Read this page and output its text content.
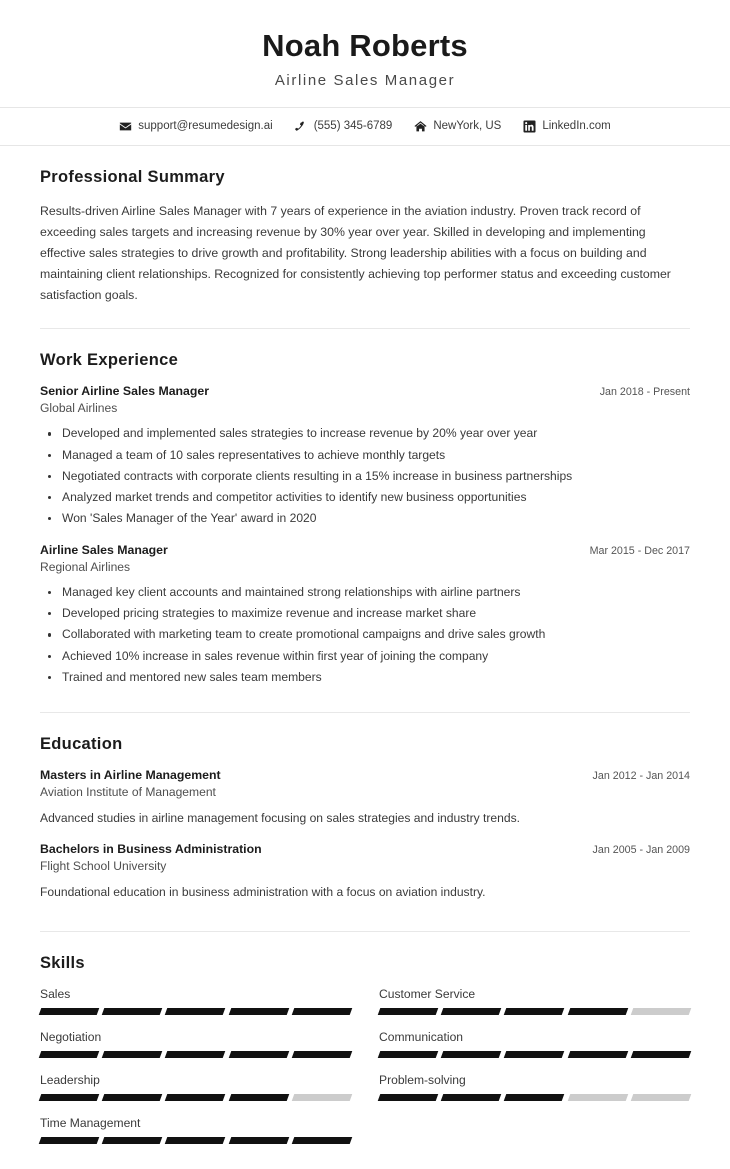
Noah Roberts
Airline Sales Manager
support@resumedesign.ai	(555) 345-6789	NewYork, US	LinkedIn.com
Professional Summary
Results-driven Airline Sales Manager with 7 years of experience in the aviation industry. Proven track record of exceeding sales targets and increasing revenue by 30% year over year. Skilled in developing and implementing effective sales strategies to drive growth and profitability. Strong leadership abilities with a focus on building and maintaining client relationships. Recognized for consistently achieving top performer status and exceeding customer satisfaction goals.
Work Experience
Senior Airline Sales Manager	Jan 2018 - Present
Global Airlines
Developed and implemented sales strategies to increase revenue by 20% year over year
Managed a team of 10 sales representatives to achieve monthly targets
Negotiated contracts with corporate clients resulting in a 15% increase in business partnerships
Analyzed market trends and competitor activities to identify new business opportunities
Won 'Sales Manager of the Year' award in 2020
Airline Sales Manager	Mar 2015 - Dec 2017
Regional Airlines
Managed key client accounts and maintained strong relationships with airline partners
Developed pricing strategies to maximize revenue and increase market share
Collaborated with marketing team to create promotional campaigns and drive sales growth
Achieved 10% increase in sales revenue within first year of joining the company
Trained and mentored new sales team members
Education
Masters in Airline Management	Jan 2012 - Jan 2014
Aviation Institute of Management
Advanced studies in airline management focusing on sales strategies and industry trends.
Bachelors in Business Administration	Jan 2005 - Jan 2009
Flight School University
Foundational education in business administration with a focus on aviation industry.
Skills
Sales	Customer Service
Negotiation	Communication
Leadership	Problem-solving
Time Management
